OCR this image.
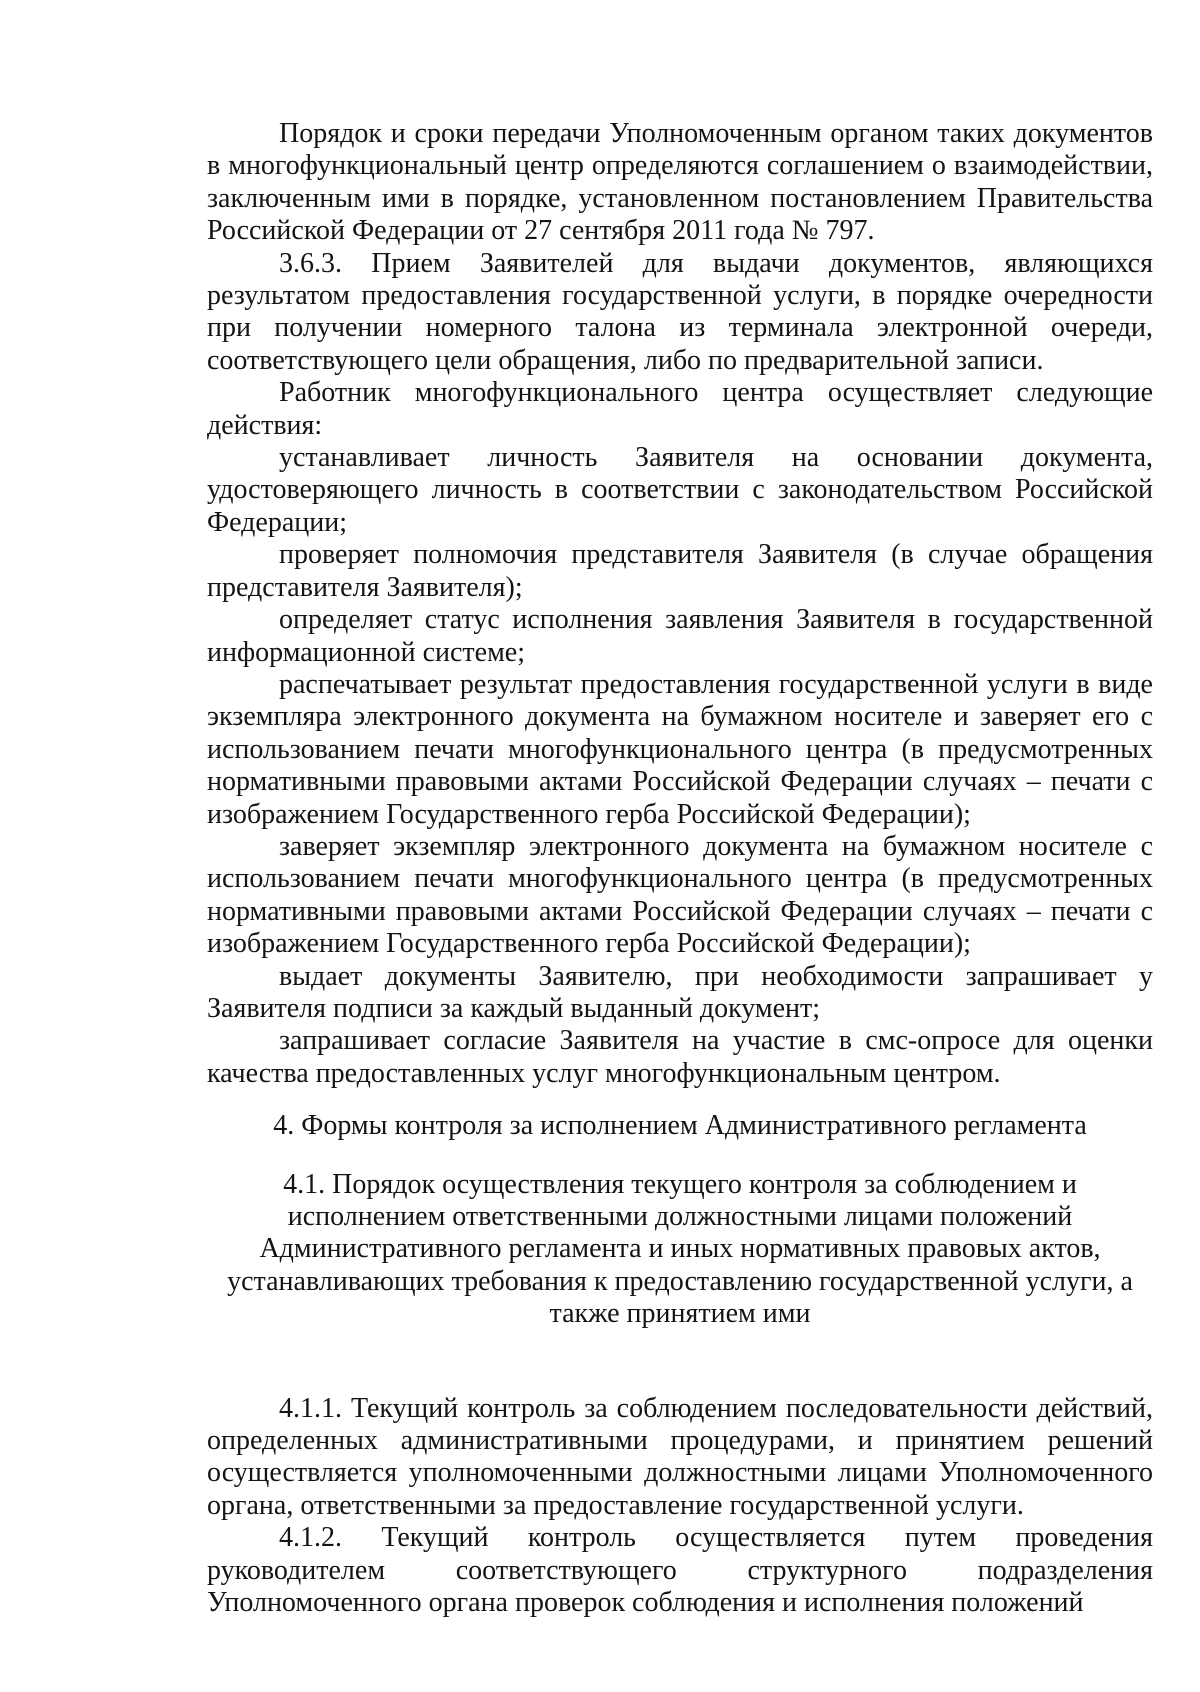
Порядок и сроки передачи Уполномоченным органом таких документов в многофункциональный центр определяются соглашением о взаимодействии, заключенным ими в порядке, установленном постановлением Правительства Российской Федерации от 27 сентября 2011 года № 797.

3.6.3. Прием Заявителей для выдачи документов, являющихся результатом предоставления государственной услуги, в порядке очередности при получении номерного талона из терминала электронной очереди, соответствующего цели обращения, либо по предварительной записи.

Работник многофункционального центра осуществляет следующие действия:

устанавливает личность Заявителя на основании документа, удостоверяющего личность в соответствии с законодательством Российской Федерации;

проверяет полномочия представителя Заявителя (в случае обращения представителя Заявителя);

определяет статус исполнения заявления Заявителя в государственной информационной системе;

распечатывает результат предоставления государственной услуги в виде экземпляра электронного документа на бумажном носителе и заверяет его с использованием печати многофункционального центра (в предусмотренных нормативными правовыми актами Российской Федерации случаях – печати с изображением Государственного герба Российской Федерации);

заверяет экземпляр электронного документа на бумажном носителе с использованием печати многофункционального центра (в предусмотренных нормативными правовыми актами Российской Федерации случаях – печати с изображением Государственного герба Российской Федерации);

выдает документы Заявителю, при необходимости запрашивает у Заявителя подписи за каждый выданный документ;

запрашивает согласие Заявителя на участие в смс-опросе для оценки качества предоставленных услуг многофункциональным центром.

4. Формы контроля за исполнением Административного регламента

4.1. Порядок осуществления текущего контроля за соблюдением и

исполнением ответственными должностными лицами положений

Административного регламента и иных нормативных правовых актов,

устанавливающих требования к предоставлению государственной услуги, а

также принятием ими

4.1.1. Текущий контроль за соблюдением последовательности действий, определенных административными процедурами, и принятием решений осуществляется уполномоченными должностными лицами Уполномоченного органа, ответственными за предоставление государственной услуги.

4.1.2. Текущий контроль осуществляется путем проведения руководителем соответствующего структурного подразделения Уполномоченного органа проверок соблюдения и исполнения положений
